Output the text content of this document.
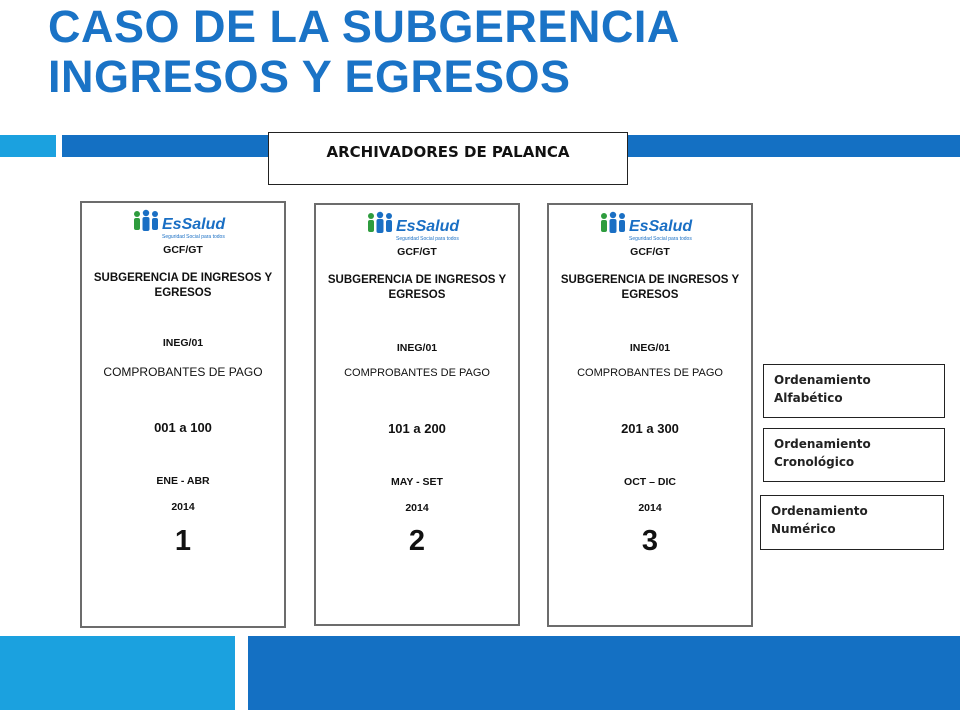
CASO DE LA SUBGERENCIA
INGRESOS Y EGRESOS
ARCHIVADORES DE PALANCA
EsSalud
Seguridad Social para todos
GCF/GT
SUBGERENCIA DE INGRESOS Y EGRESOS
INEG/01
COMPROBANTES DE PAGO
001 a 100
ENE - ABR
2014
1
EsSalud
Seguridad Social para todos
GCF/GT
SUBGERENCIA DE INGRESOS Y EGRESOS
INEG/01
COMPROBANTES DE PAGO
101 a 200
MAY - SET
2014
2
EsSalud
Seguridad Social para todos
GCF/GT
SUBGERENCIA DE INGRESOS Y EGRESOS
INEG/01
COMPROBANTES DE PAGO
201 a 300
OCT – DIC
2014
3
Ordenamiento Alfabético
Ordenamiento Cronológico
Ordenamiento Numérico
